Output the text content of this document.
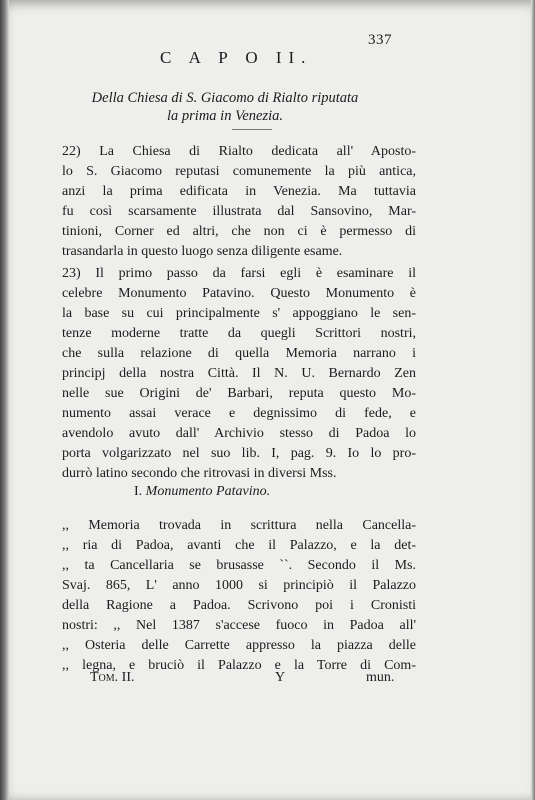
337
C A P O II.
Della Chiesa di S. Giacomo di Rialto riputata
la prima in Venezia.
22) La Chiesa di Rialto dedicata all' Aposto-
lo S. Giacomo reputasi comunemente la più antica,
anzi la prima edificata in Venezia. Ma tuttavia
fu così scarsamente illustrata dal Sansovino, Mar-
tinioni, Corner ed altri, che non ci è permesso di
trasandarla in questo luogo senza diligente esame.
23) Il primo passo da farsi egli è esaminare il
celebre Monumento Patavino. Questo Monumento è
la base su cui principalmente s' appoggiano le sen-
tenze moderne tratte da quegli Scrittori nostri,
che sulla relazione di quella Memoria narrano i
principj della nostra Città. Il N. U. Bernardo Zen
nelle sue Origini de' Barbari, reputa questo Mo-
numento assai verace e degnissimo di fede, e
avendolo avuto dall' Archivio stesso di Padoa lo
porta volgarizzato nel suo lib. I, pag. 9. Io lo pro-
durrò latino secondo che ritrovasi in diversi Mss.
I. Monumento Patavino.
,, Memoria trovada in scrittura nella Cancella-
,, ria di Padoa, avanti che il Palazzo, e la det-
,, ta Cancellaria se brusasse ``. Secondo il Ms.
Svaj. 865, L' anno 1000 si principiò il Palazzo
della Ragione a Padoa. Scrivono poi i Cronisti
nostri: ,, Nel 1387 s'accese fuoco in Padoa all'
,, Osteria delle Carrette appresso la piazza delle
,, legna, e bruciò il Palazzo e la Torre di Com-
Tom. II.	Y	mun.
